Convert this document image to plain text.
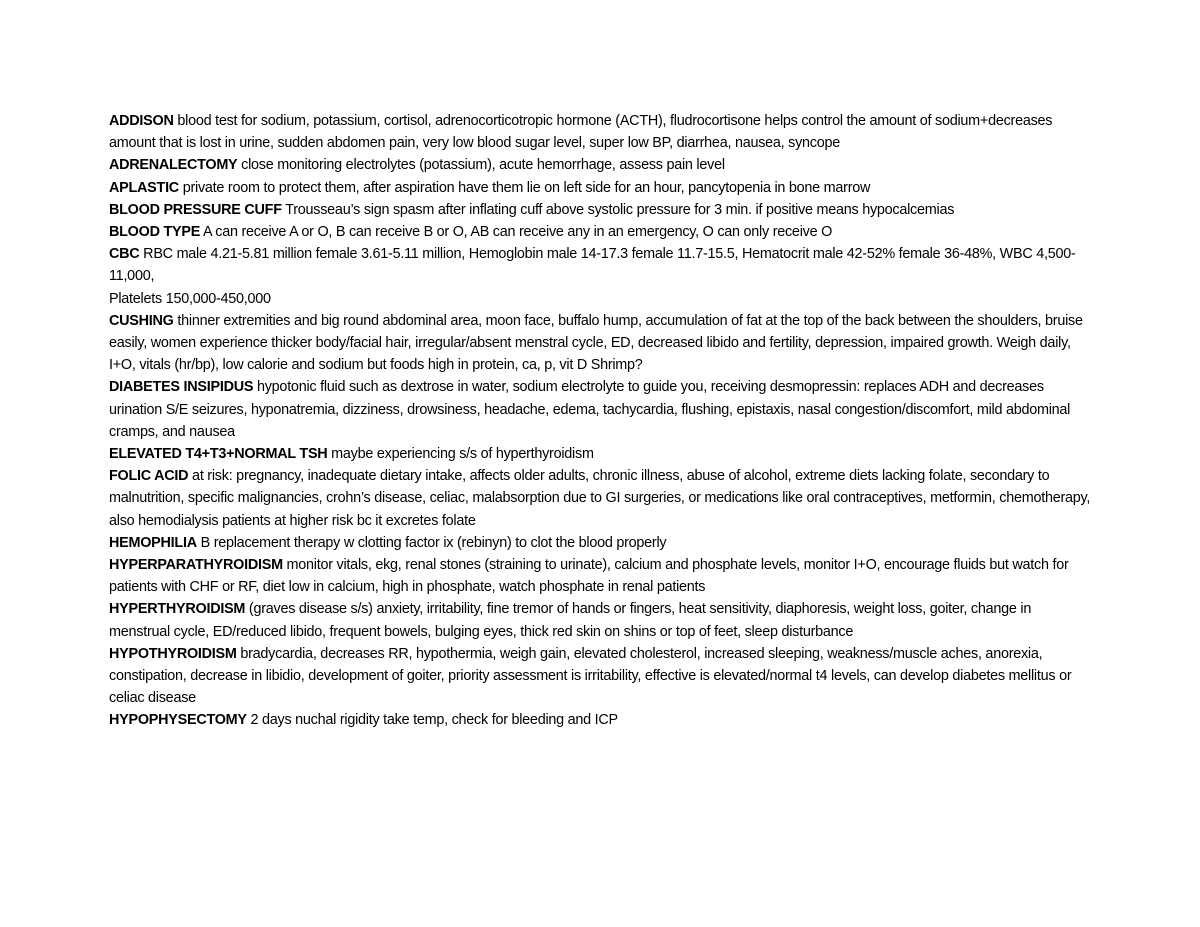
ADDISON blood test for sodium, potassium, cortisol, adrenocorticotropic hormone (ACTH), fludrocortisone helps control the amount of sodium+decreases amount that is lost in urine, sudden abdomen pain, very low blood sugar level, super low BP, diarrhea, nausea, syncope

ADRENALECTOMY close monitoring electrolytes (potassium), acute hemorrhage, assess pain level

APLASTIC private room to protect them, after aspiration have them lie on left side for an hour, pancytopenia in bone marrow

BLOOD PRESSURE CUFF Trousseau’s sign spasm after inflating cuff above systolic pressure for 3 min. if positive means hypocalcemias

BLOOD TYPE A can receive A or O, B can receive B or O, AB can receive any in an emergency, O can only receive O

CBC RBC male 4.21-5.81 million female 3.61-5.11 million, Hemoglobin male 14-17.3 female 11.7-15.5, Hematocrit male 42-52% female 36-48%, WBC 4,500-11,000,

Platelets 150,000-450,000

CUSHING thinner extremities and big round abdominal area, moon face, buffalo hump, accumulation of fat at the top of the back between the shoulders, bruise easily, women experience thicker body/facial hair, irregular/absent menstral cycle, ED, decreased libido and fertility, depression, impaired growth. Weigh daily, I+O, vitals (hr/bp), low calorie and sodium but foods high in protein, ca, p, vit D Shrimp?

DIABETES INSIPIDUS hypotonic fluid such as dextrose in water, sodium electrolyte to guide you, receiving desmopressin: replaces ADH and decreases urination S/E seizures, hyponatremia, dizziness, drowsiness, headache, edema, tachycardia, flushing, epistaxis, nasal congestion/discomfort, mild abdominal cramps, and nausea

ELEVATED T4+T3+NORMAL TSH maybe experiencing s/s of hyperthyroidism

FOLIC ACID at risk: pregnancy, inadequate dietary intake, affects older adults, chronic illness, abuse of alcohol, extreme diets lacking folate, secondary to malnutrition, specific malignancies, crohn’s disease, celiac, malabsorption due to GI surgeries, or medications like oral contraceptives, metformin, chemotherapy, also hemodialysis patients at higher risk bc it excretes folate

HEMOPHILIA B replacement therapy w clotting factor ix (rebinyn) to clot the blood properly

HYPERPARATHYROIDISM monitor vitals, ekg, renal stones (straining to urinate), calcium and phosphate levels, monitor I+O, encourage fluids but watch for patients with CHF or RF, diet low in calcium, high in phosphate, watch phosphate in renal patients

HYPERTHYROIDISM (graves disease s/s) anxiety, irritability, fine tremor of hands or fingers, heat sensitivity, diaphoresis, weight loss, goiter, change in menstrual cycle, ED/reduced libido, frequent bowels, bulging eyes, thick red skin on shins or top of feet, sleep disturbance

HYPOTHYROIDISM bradycardia, decreases RR, hypothermia, weigh gain, elevated cholesterol, increased sleeping, weakness/muscle aches, anorexia, constipation, decrease in libidio, development of goiter, priority assessment is irritability, effective is elevated/normal t4 levels, can develop diabetes mellitus or celiac disease

HYPOPHYSECTOMY 2 days nuchal rigidity take temp, check for bleeding and ICP
